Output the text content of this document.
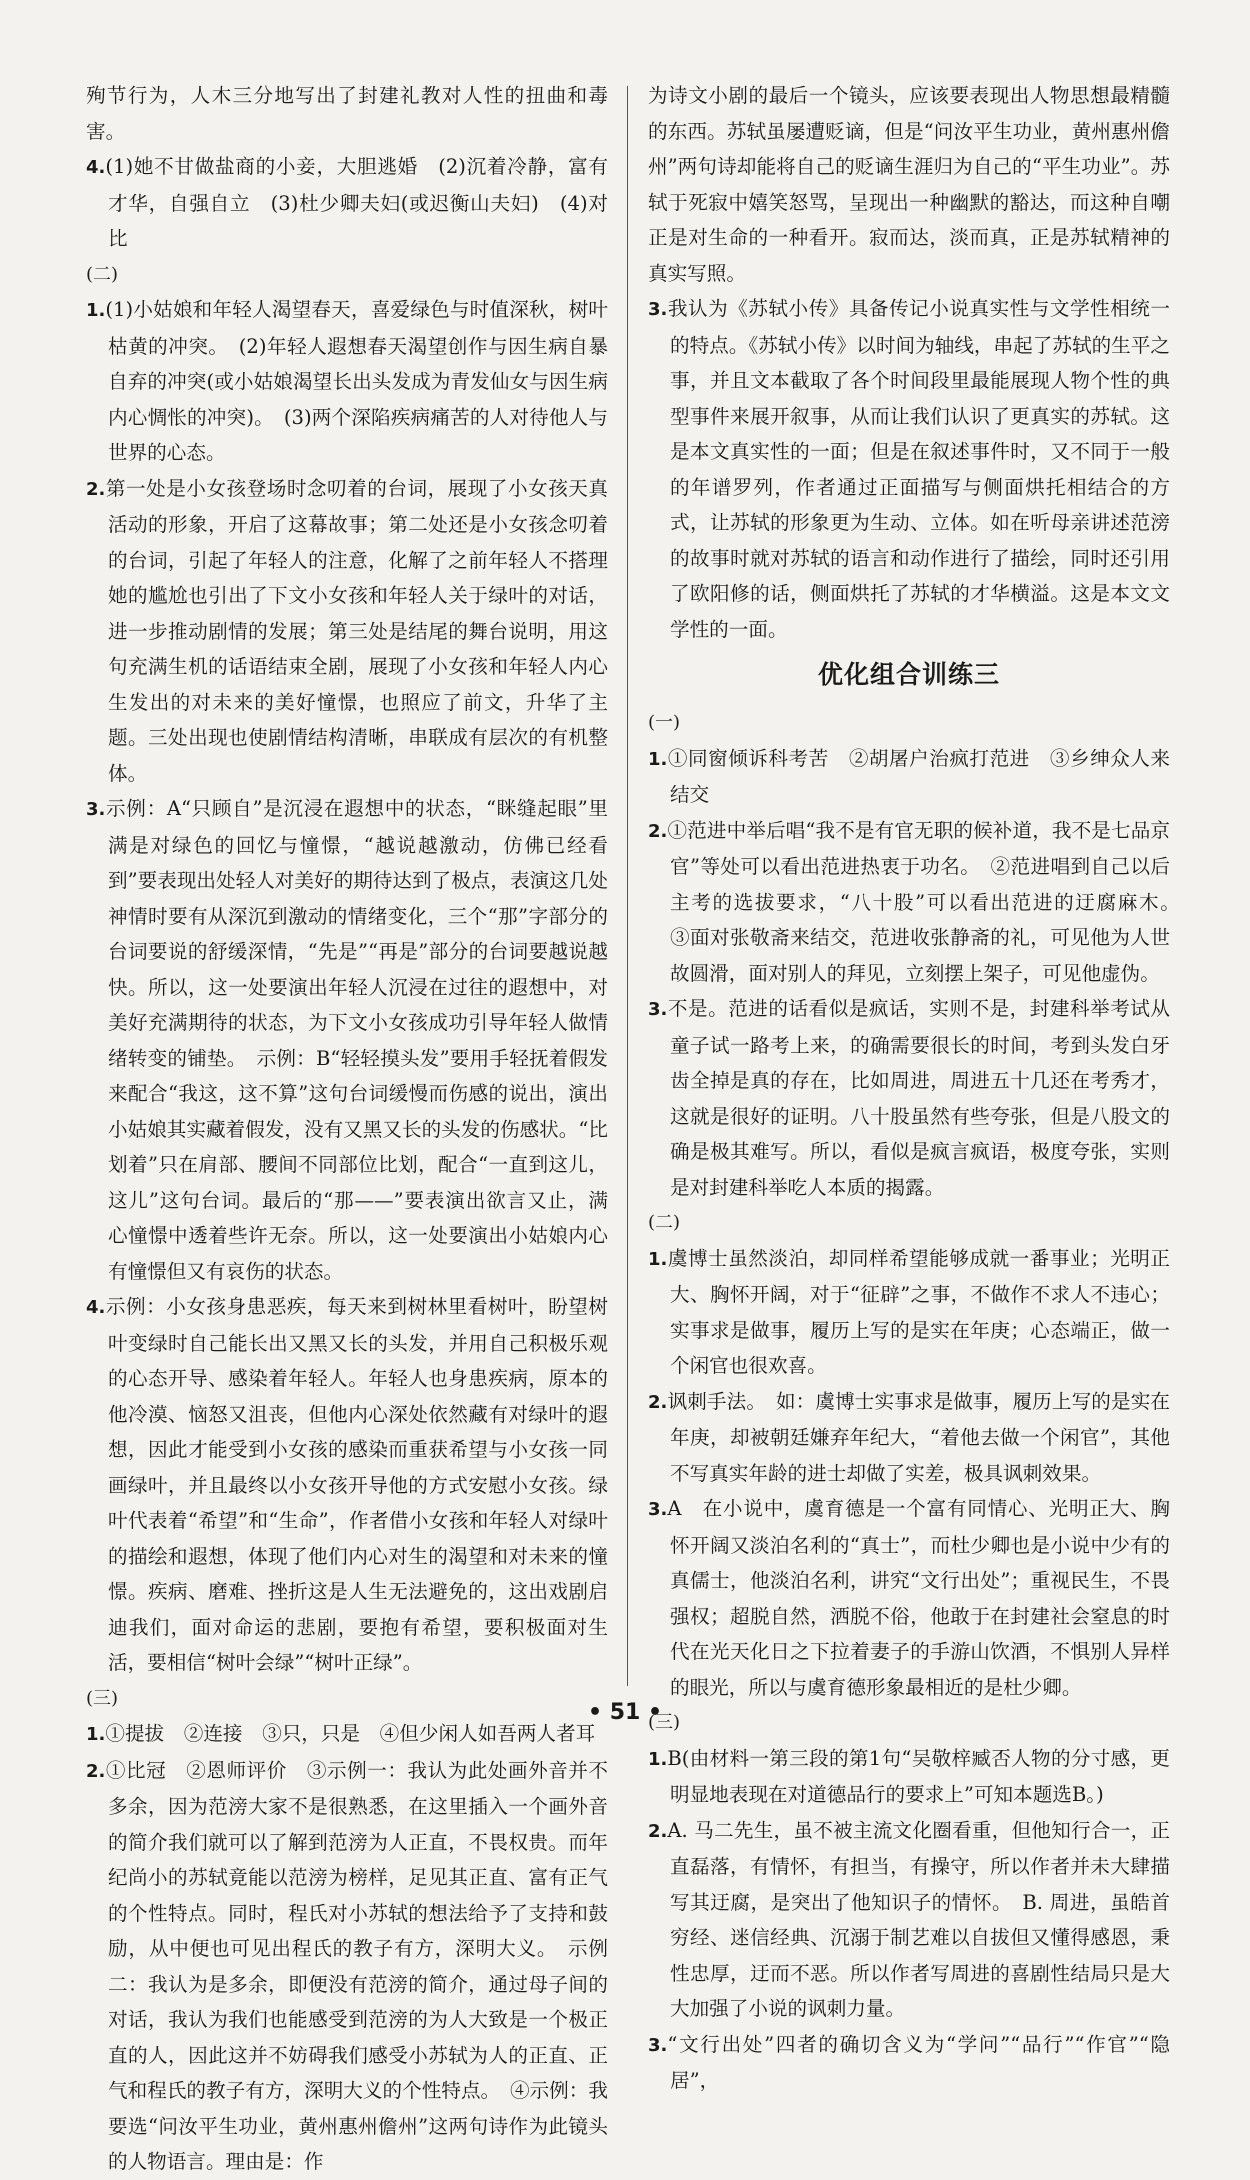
殉节行为，人木三分地写出了封建礼教对人性的扭曲和毒害。

4.(1)她不甘做盐商的小妾，大胆逃婚　(2)沉着冷静，富有才华，自强自立　(3)杜少卿夫妇(或迟衡山夫妇)　(4)对比

(二)

1.(1)小姑娘和年轻人渴望春天，喜爱绿色与时值深秋，树叶枯黄的冲突。　(2)年轻人遐想春天渴望创作与因生病自暴自弃的冲突(或小姑娘渴望长出头发成为青发仙女与因生病内心惆怅的冲突)。　(3)两个深陷疾病痛苦的人对待他人与世界的心态。

2.第一处是小女孩登场时念叨着的台词，展现了小女孩天真活动的形象，开启了这幕故事；第二处还是小女孩念叨着的台词，引起了年轻人的注意，化解了之前年轻人不搭理她的尴尬也引出了下文小女孩和年轻人关于绿叶的对话，进一步推动剧情的发展；第三处是结尾的舞台说明，用这句充满生机的话语结束全剧，展现了小女孩和年轻人内心生发出的对未来的美好憧憬，也照应了前文，升华了主题。三处出现也使剧情结构清晰，串联成有层次的有机整体。

3.示例：A“只顾自”是沉浸在遐想中的状态，“眯缝起眼”里满是对绿色的回忆与憧憬，“越说越激动，仿佛已经看到”要表现出处轻人对美好的期待达到了极点，表演这几处神情时要有从深沉到激动的情绪变化，三个“那”字部分的台词要说的舒缓深情，“先是”“再是”部分的台词要越说越快。所以，这一处要演出年轻人沉浸在过往的遐想中，对美好充满期待的状态，为下文小女孩成功引导年轻人做情绪转变的铺垫。　示例：B“轻轻摸头发”要用手轻抚着假发来配合“我这，这不算”这句台词缓慢而伤感的说出，演出小姑娘其实藏着假发，没有又黑又长的头发的伤感状。“比划着”只在肩部、腰间不同部位比划，配合“一直到这儿，这儿”这句台词。最后的“那——”要表演出欲言又止，满心憧憬中透着些许无奈。所以，这一处要演出小姑娘内心有憧憬但又有哀伤的状态。

4.示例：小女孩身患恶疾，每天来到树林里看树叶，盼望树叶变绿时自己能长出又黑又长的头发，并用自己积极乐观的心态开导、感染着年轻人。年轻人也身患疾病，原本的他冷漠、恼怒又沮丧，但他内心深处依然藏有对绿叶的遐想，因此才能受到小女孩的感染而重获希望与小女孩一同画绿叶，并且最终以小女孩开导他的方式安慰小女孩。绿叶代表着“希望”和“生命”，作者借小女孩和年轻人对绿叶的描绘和遐想，体现了他们内心对生的渴望和对未来的憧憬。疾病、磨难、挫折这是人生无法避免的，这出戏剧启迪我们，面对命运的悲剧，要抱有希望，要积极面对生活，要相信“树叶会绿”“树叶正绿”。

(三)

1.①提拔　②连接　③只，只是　④但少闲人如吾两人者耳

2.①比冠　②恩师评价　③示例一：我认为此处画外音并不多余，因为范滂大家不是很熟悉，在这里插入一个画外音的简介我们就可以了解到范滂为人正直，不畏权贵。而年纪尚小的苏轼竟能以范滂为榜样，足见其正直、富有正气的个性特点。同时，程氏对小苏轼的想法给予了支持和鼓励，从中便也可见出程氏的教子有方，深明大义。　示例二：我认为是多余，即便没有范滂的简介，通过母子间的对话，我认为我们也能感受到范滂的为人大致是一个极正直的人，因此这并不妨碍我们感受小苏轼为人的正直、正气和程氏的教子有方，深明大义的个性特点。　④示例：我要选“问汝平生功业，黄州惠州儋州”这两句诗作为此镜头的人物语言。理由是：作

为诗文小剧的最后一个镜头，应该要表现出人物思想最精髓的东西。苏轼虽屡遭贬谪，但是“问汝平生功业，黄州惠州儋州”两句诗却能将自己的贬谪生涯归为自己的“平生功业”。苏轼于死寂中嬉笑怒骂，呈现出一种幽默的豁达，而这种自嘲正是对生命的一种看开。寂而达，淡而真，正是苏轼精神的真实写照。

3.我认为《苏轼小传》具备传记小说真实性与文学性相统一的特点。《苏轼小传》以时间为轴线，串起了苏轼的生平之事，并且文本截取了各个时间段里最能展现人物个性的典型事件来展开叙事，从而让我们认识了更真实的苏轼。这是本文真实性的一面；但是在叙述事件时，又不同于一般的年谱罗列，作者通过正面描写与侧面烘托相结合的方式，让苏轼的形象更为生动、立体。如在听母亲讲述范滂的故事时就对苏轼的语言和动作进行了描绘，同时还引用了欧阳修的话，侧面烘托了苏轼的才华横溢。这是本文文学性的一面。

优化组合训练三

(一)

1.①同窗倾诉科考苦　②胡屠户治疯打范进　③乡绅众人来结交

2.①范进中举后唱“我不是有官无职的候补道，我不是七品京官”等处可以看出范进热衷于功名。　②范进唱到自己以后主考的选拔要求，“八十股”可以看出范进的迂腐麻木。　③面对张敬斋来结交，范进收张静斋的礼，可见他为人世故圆滑，面对别人的拜见，立刻摆上架子，可见他虚伪。

3.不是。范进的话看似是疯话，实则不是，封建科举考试从童子试一路考上来，的确需要很长的时间，考到头发白牙齿全掉是真的存在，比如周进，周进五十几还在考秀才，这就是很好的证明。八十股虽然有些夸张，但是八股文的确是极其难写。所以，看似是疯言疯语，极度夸张，实则是对封建科举吃人本质的揭露。

(二)

1.虞博士虽然淡泊，却同样希望能够成就一番事业；光明正大、胸怀开阔，对于“征辟”之事，不做作不求人不违心；实事求是做事，履历上写的是实在年庚；心态端正，做一个闲官也很欢喜。

2.讽刺手法。　如：虞博士实事求是做事，履历上写的是实在年庚，却被朝廷嫌弃年纪大，“着他去做一个闲官”，其他不写真实年龄的进士却做了实差，极具讽刺效果。

3.A　在小说中，虞育德是一个富有同情心、光明正大、胸怀开阔又淡泊名利的“真士”，而杜少卿也是小说中少有的真儒士，他淡泊名利，讲究“文行出处”；重视民生，不畏强权；超脱自然，洒脱不俗，他敢于在封建社会窒息的时代在光天化日之下拉着妻子的手游山饮酒，不惧别人异样的眼光，所以与虞育德形象最相近的是杜少卿。

(三)

1.B(由材料一第三段的第1句“吴敬梓臧否人物的分寸感，更明显地表现在对道德品行的要求上”可知本题选B。)

2.A. 马二先生，虽不被主流文化圈看重，但他知行合一，正直磊落，有情怀，有担当，有操守，所以作者并未大肆描写其迂腐，是突出了他知识子的情怀。　B. 周进，虽皓首穷经、迷信经典、沉溺于制艺难以自拔但又懂得感恩，秉性忠厚，迂而不恶。所以作者写周进的喜剧性结局只是大大加强了小说的讽刺力量。

3.“文行出处”四者的确切含义为“学问”“品行”“作官”“隐居”，

• 51 •
